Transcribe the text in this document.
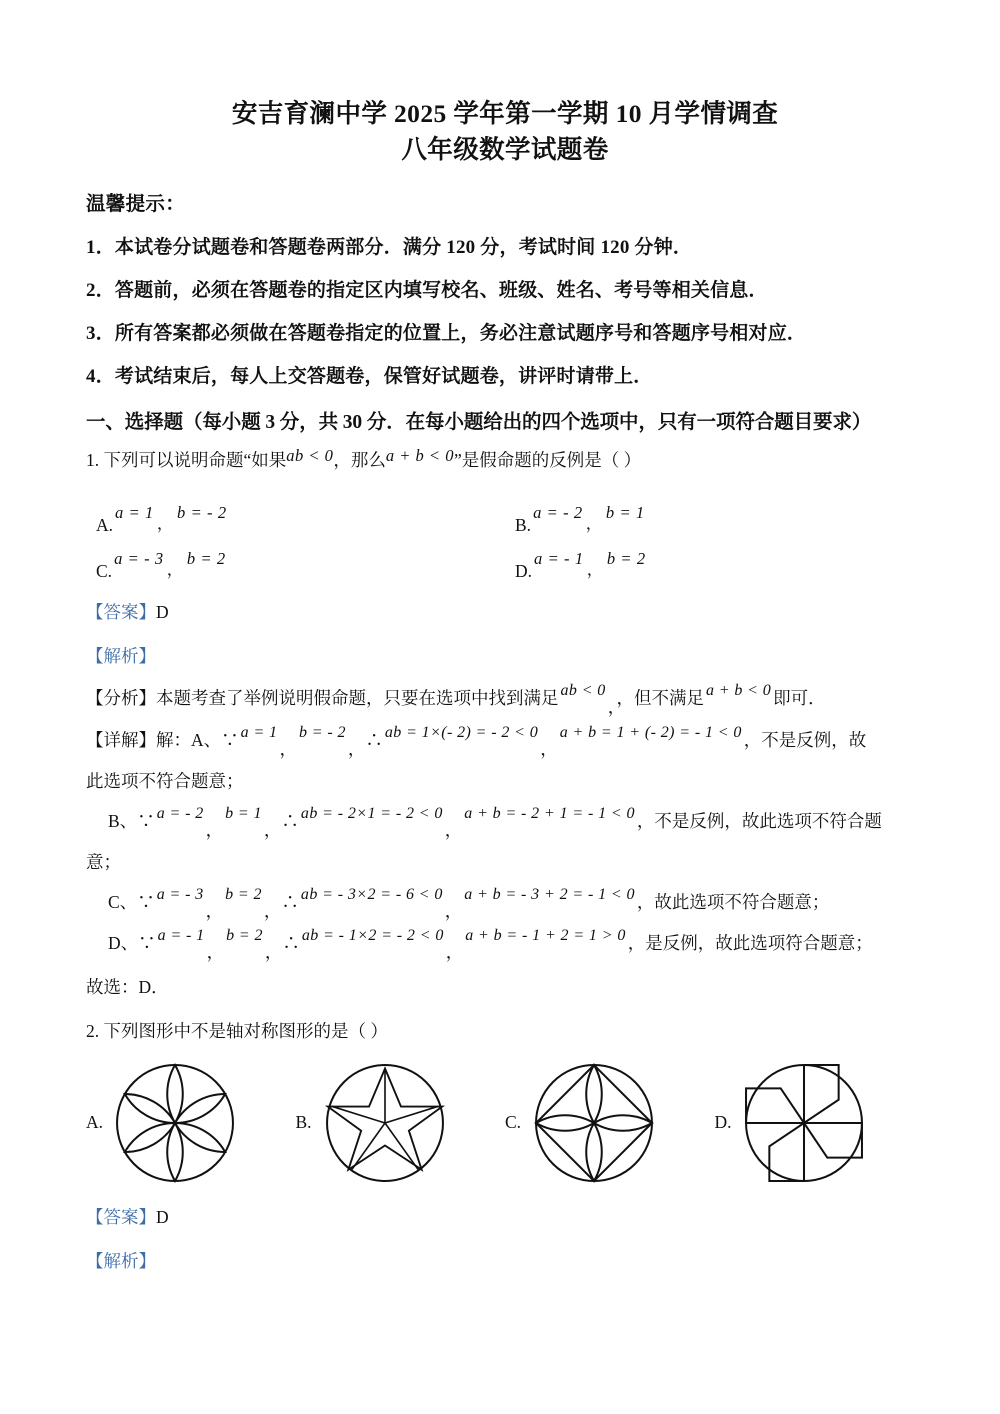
安吉育澜中学 2025 学年第一学期 10 月学情调查
八年级数学试题卷
温馨提示：
1．本试卷分试题卷和答题卷两部分．满分 120 分，考试时间 120 分钟．
2．答题前，必须在答题卷的指定区内填写校名、班级、姓名、考号等相关信息．
3．所有答案都必须做在答题卷指定的位置上，务必注意试题序号和答题序号相对应．
4．考试结束后，每人上交答题卷，保管好试题卷，讲评时请带上．
一、选择题（每小题 3 分，共 30 分．在每小题给出的四个选项中，只有一项符合题目要求）
1. 下列可以说明命题“如果ab < 0，那么a + b < 0”是假命题的反例是（ ）
A.
a = 1，b = - 2
B.
a = - 2，b = 1
C.
a = - 3，b = 2
D.
a = - 1，b = 2
【答案】D
【解析】
【分析】本题考查了举例说明假命题，只要在选项中找到满足 ab < 0，，但不满足 a + b < 0 即可．
【详解】解：A、∵ a = 1，b = - 2，∴ ab = 1×(- 2) = - 2 < 0，a + b = 1 + (- 2) = - 1 < 0 ，不是反例，故
此选项不符合题意；
B、∵ a = - 2，b = 1，∴ ab = - 2×1 = - 2 < 0，a + b = - 2 + 1 = - 1 < 0 ，不是反例，故此选项不符合题
意；
C、∵ a = - 3，b = 2，∴ ab = - 3×2 = - 6 < 0，a + b = - 3 + 2 = - 1 < 0 ，故此选项不符合题意；
D、∵ a = - 1，b = 2，∴ ab = - 1×2 = - 2 < 0，a + b = - 1 + 2 = 1 > 0 ，是反例，故此选项符合题意；
故选：D．
2. 下列图形中不是轴对称图形的是（ ）
A.	B.	C.	D.
【答案】D
【解析】
